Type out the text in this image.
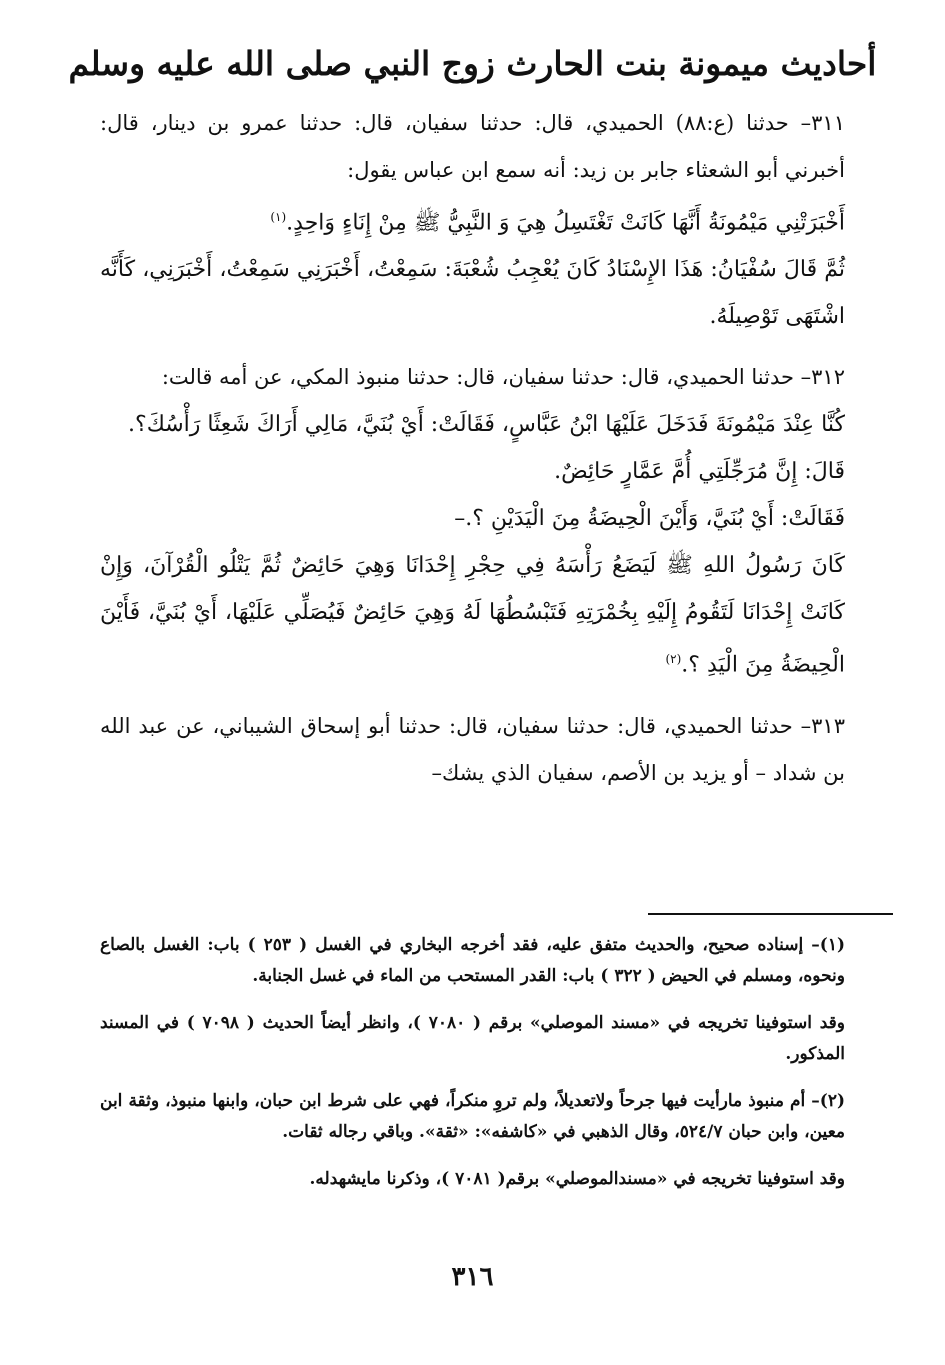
أحاديث ميمونة بنت الحارث زوج النبي صلى الله عليه وسلم

٣١١– حدثنا (ع:٨٨) الحميدي، قال: حدثنا سفيان، قال: حدثنا عمرو بن دينار، قال: أخبرني أبو الشعثاء جابر بن زيد: أنه سمع ابن عباس يقول:

أَخْبَرَتْنِي مَيْمُونَةُ أَنَّهَا كَانَتْ تَغْتَسِلُ هِيَ وَ النَّبِيُّ ﷺ مِنْ إِنَاءٍ وَاحِدٍ.$^{(١)}$

ثُمَّ قَالَ سُفْيَانُ: هَذَا الإِسْنَادُ كَانَ يُعْجِبُ شُعْبَةَ: سَمِعْتُ، أَخْبَرَنِي سَمِعْتُ، أَخْبَرَنِي، كَأَنَّه اشْتَهَى تَوْصِيلَهُ.

٣١٢– حدثنا الحميدي، قال: حدثنا سفيان، قال: حدثنا منبوذ المكي، عن أمه قالت:

كُنَّا عِنْدَ مَيْمُونَةَ فَدَخَلَ عَلَيْهَا ابْنُ عَبَّاسٍ، فَقَالَتْ: أَيْ بُنَيَّ، مَالِي أَرَاكَ شَعِثًا رَأْسُكَ؟.

قَالَ: إِنَّ مُرَجِّلَتِي أُمَّ عَمَّارٍ حَائِضٌ.

فَقَالَتْ: أَيْ بُنَيَّ، وَأَيْنَ الْحِيضَةُ مِنَ الْيَدَيْنِ ؟.–

كَانَ رَسُولُ اللهِ ﷺ لَيَضَعُ رَأْسَهُ فِي حِجْرِ إِحْدَانَا وَهِيَ حَائِضٌ ثُمَّ يَتْلُو الْقُرْآنَ، وَإِنْ كَانَتْ إِحْدَانَا لَتَقُومُ إِلَيْهِ بِخُمْرَتِهِ فَتَبْسُطُهَا لَهُ وَهِيَ حَائِضٌ فَيُصَلِّي عَلَيْهَا، أَيْ بُنَيَّ، فَأَيْنَ الْحِيضَةُ مِنَ الْيَدِ ؟.$^{(٢)}$

٣١٣– حدثنا الحميدي، قال: حدثنا سفيان، قال: حدثنا أبو إسحاق الشيباني، عن عبد الله بن شداد – أو يزيد بن الأصم، سفيان الذي يشك–

(١)– إسناده صحيح، والحديث متفق عليه، فقد أخرجه البخاري في الغسل ( ٢٥٣ ) باب: الغسل بالصاع ونحوه، ومسلم في الحيض ( ٣٢٢ ) باب: القدر المستحب من الماء في غسل الجنابة.

وقد استوفينا تخريجه في «مسند الموصلي» برقم ( ٧٠٨٠ )، وانظر أيضاً الحديث ( ٧٠٩٨ ) في المسند المذكور.

(٢)– أم منبوذ مارأيت فيها جرحاً ولاتعديلاً، ولم تروِ منكراً، فهي على شرط ابن حبان، وابنها منبوذ، وثقة ابن معين، وابن حبان ٥٢٤/٧، وقال الذهبي في «كاشفه»: «ثقة». وباقي رجاله ثقات.

وقد استوفينا تخريجه في «مسندالموصلي» برقم( ٧٠٨١ )، وذكرنا مايشهدله.

٣١٦
